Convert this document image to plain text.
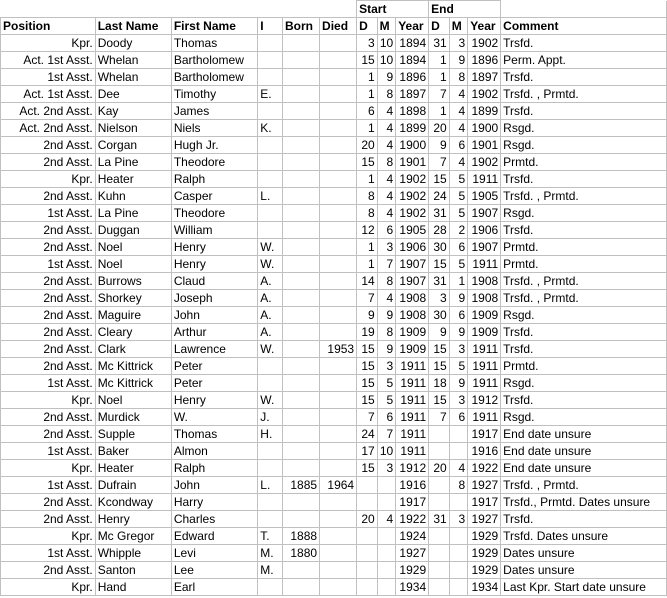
						Start			End			
Position	Last Name	First Name	I	Born	Died	D	M	Year	D	M	Year	Comment
Kpr.	Doody	Thomas				3	10	1894	31	3	1902	Trsfd.
Act. 1st Asst.	Whelan	Bartholomew				15	10	1894	1	9	1896	Perm. Appt.
1st Asst.	Whelan	Bartholomew				1	9	1896	1	8	1897	Trsfd.
Act. 1st Asst.	Dee	Timothy	E.			1	8	1897	7	4	1902	Trsfd. , Prmtd.
Act. 2nd Asst.	Kay	James				6	4	1898	1	4	1899	Trsfd.
Act. 2nd Asst.	Nielson	Niels	K.			1	4	1899	20	4	1900	Rsgd.
2nd Asst.	Corgan	Hugh Jr.				20	4	1900	9	6	1901	Rsgd.
2nd Asst.	La Pine	Theodore				15	8	1901	7	4	1902	Prmtd.
Kpr.	Heater	Ralph				1	4	1902	15	5	1911	Trsfd.
2nd Asst.	Kuhn	Casper	L.			8	4	1902	24	5	1905	Trsfd. , Prmtd.
1st Asst.	La Pine	Theodore				8	4	1902	31	5	1907	Rsgd.
2nd Asst.	Duggan	William				12	6	1905	28	2	1906	Trsfd.
2nd Asst.	Noel	Henry	W.			1	3	1906	30	6	1907	Prmtd.
1st Asst.	Noel	Henry	W.			1	7	1907	15	5	1911	Prmtd.
2nd Asst.	Burrows	Claud	A.			14	8	1907	31	1	1908	Trsfd. , Prmtd.
2nd Asst.	Shorkey	Joseph	A.			7	4	1908	3	9	1908	Trsfd. , Prmtd.
2nd Asst.	Maguire	John	A.			9	9	1908	30	6	1909	Rsgd.
2nd Asst.	Cleary	Arthur	A.			19	8	1909	9	9	1909	Trsfd.
2nd Asst.	Clark	Lawrence	W.		1953	15	9	1909	15	3	1911	Trsfd.
2nd Asst.	Mc Kittrick	Peter				15	3	1911	15	5	1911	Prmtd.
1st Asst.	Mc Kittrick	Peter				15	5	1911	18	9	1911	Rsgd.
Kpr.	Noel	Henry	W.			15	5	1911	15	3	1912	Trsfd.
2nd Asst.	Murdick	W.	J.			7	6	1911	7	6	1911	Rsgd.
2nd Asst.	Supple	Thomas	H.			24	7	1911			1917	End date unsure
1st Asst.	Baker	Almon				17	10	1911			1916	End date unsure
Kpr.	Heater	Ralph				15	3	1912	20	4	1922	End date unsure
1st Asst.	Dufrain	John	L.	1885	1964			1916		8	1927	Trsfd. , Prmtd.
2nd Asst.	Kcondway	Harry						1917			1917	Trsfd., Prmtd. Dates unsure
2nd Asst.	Henry	Charles				20	4	1922	31	3	1927	Trsfd.
Kpr.	Mc Gregor	Edward	T.	1888				1924			1929	Trsfd. Dates unsure
1st Asst.	Whipple	Levi	M.	1880				1927			1929	Dates unsure
2nd Asst.	Santon	Lee	M.					1929			1929	Dates unsure
Kpr.	Hand	Earl						1934			1934	Last Kpr. Start date unsure
